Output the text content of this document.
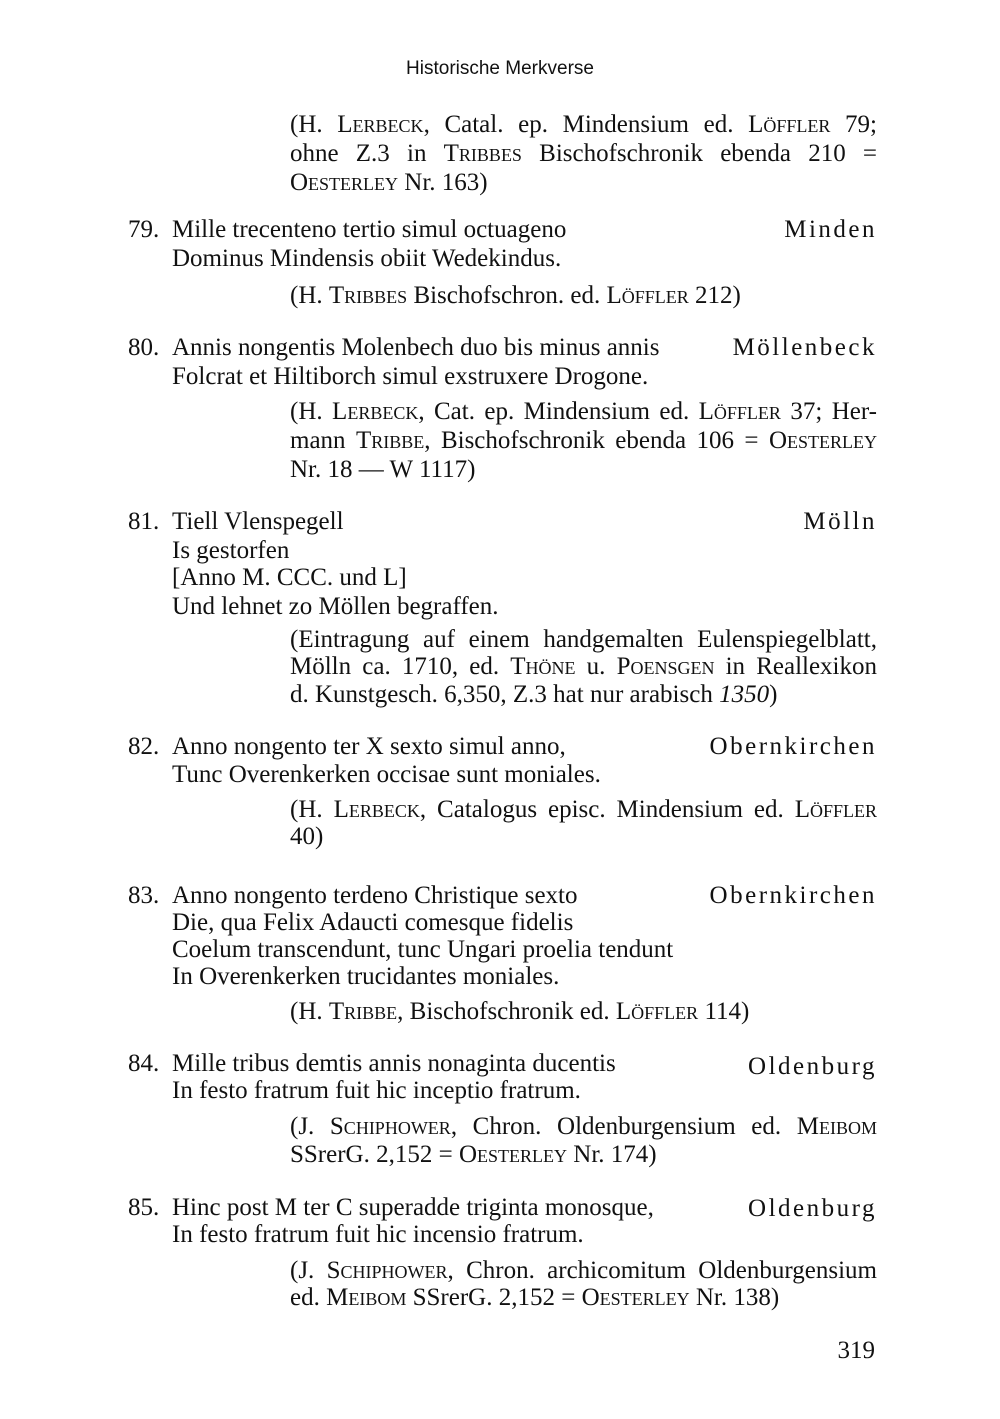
Historische Merkverse
(H. Lerbeck, Catal. ep. Mindensium ed. Löffler 79;
ohne Z.3 in Tribbes Bischofschronik ebenda 210 =
Oesterley Nr. 163)
79.	Minden
Mille trecenteno tertio simul octuageno
Dominus Mindensis obiit Wedekindus.
(H. Tribbes Bischofschron. ed. Löffler 212)
80.	Möllenbeck
Annis nongentis Molenbech duo bis minus annis
Folcrat et Hiltiborch simul exstruxere Drogone.
(H. Lerbeck, Cat. ep. Mindensium ed. Löffler 37; Her-
mann Tribbe, Bischofschronik ebenda 106 = Oesterley
Nr. 18 — W 1117)
81.	Mölln
Tiell Vlenspegell
Is gestorfen
[Anno M. CCC. und L]
Und lehnet zo Möllen begraffen.
(Eintragung auf einem handgemalten Eulenspiegelblatt,
Mölln ca. 1710, ed. Thöne u. Poensgen in Reallexikon
d. Kunstgesch. 6,350, Z.3 hat nur arabisch 1350)
82.	Obernkirchen
Anno nongento ter X sexto simul anno,
Tunc Overenkerken occisae sunt moniales.
(H. Lerbeck, Catalogus episc. Mindensium ed. Löffler
40)
83.	Obernkirchen
Anno nongento terdeno Christique sexto
Die, qua Felix Adaucti comesque fidelis
Coelum transcendunt, tunc Ungari proelia tendunt
In Overenkerken trucidantes moniales.
(H. Tribbe, Bischofschronik ed. Löffler 114)
84.	Oldenburg
Mille tribus demtis annis nonaginta ducentis
In festo fratrum fuit hic inceptio fratrum.
(J. Schiphower, Chron. Oldenburgensium ed. Meibom
SSrerG. 2,152 = Oesterley Nr. 174)
85.	Oldenburg
Hinc post M ter C superadde triginta monosque,
In festo fratrum fuit hic incensio fratrum.
(J. Schiphower, Chron. archicomitum Oldenburgensium
ed. Meibom SSrerG. 2,152 = Oesterley Nr. 138)
319
